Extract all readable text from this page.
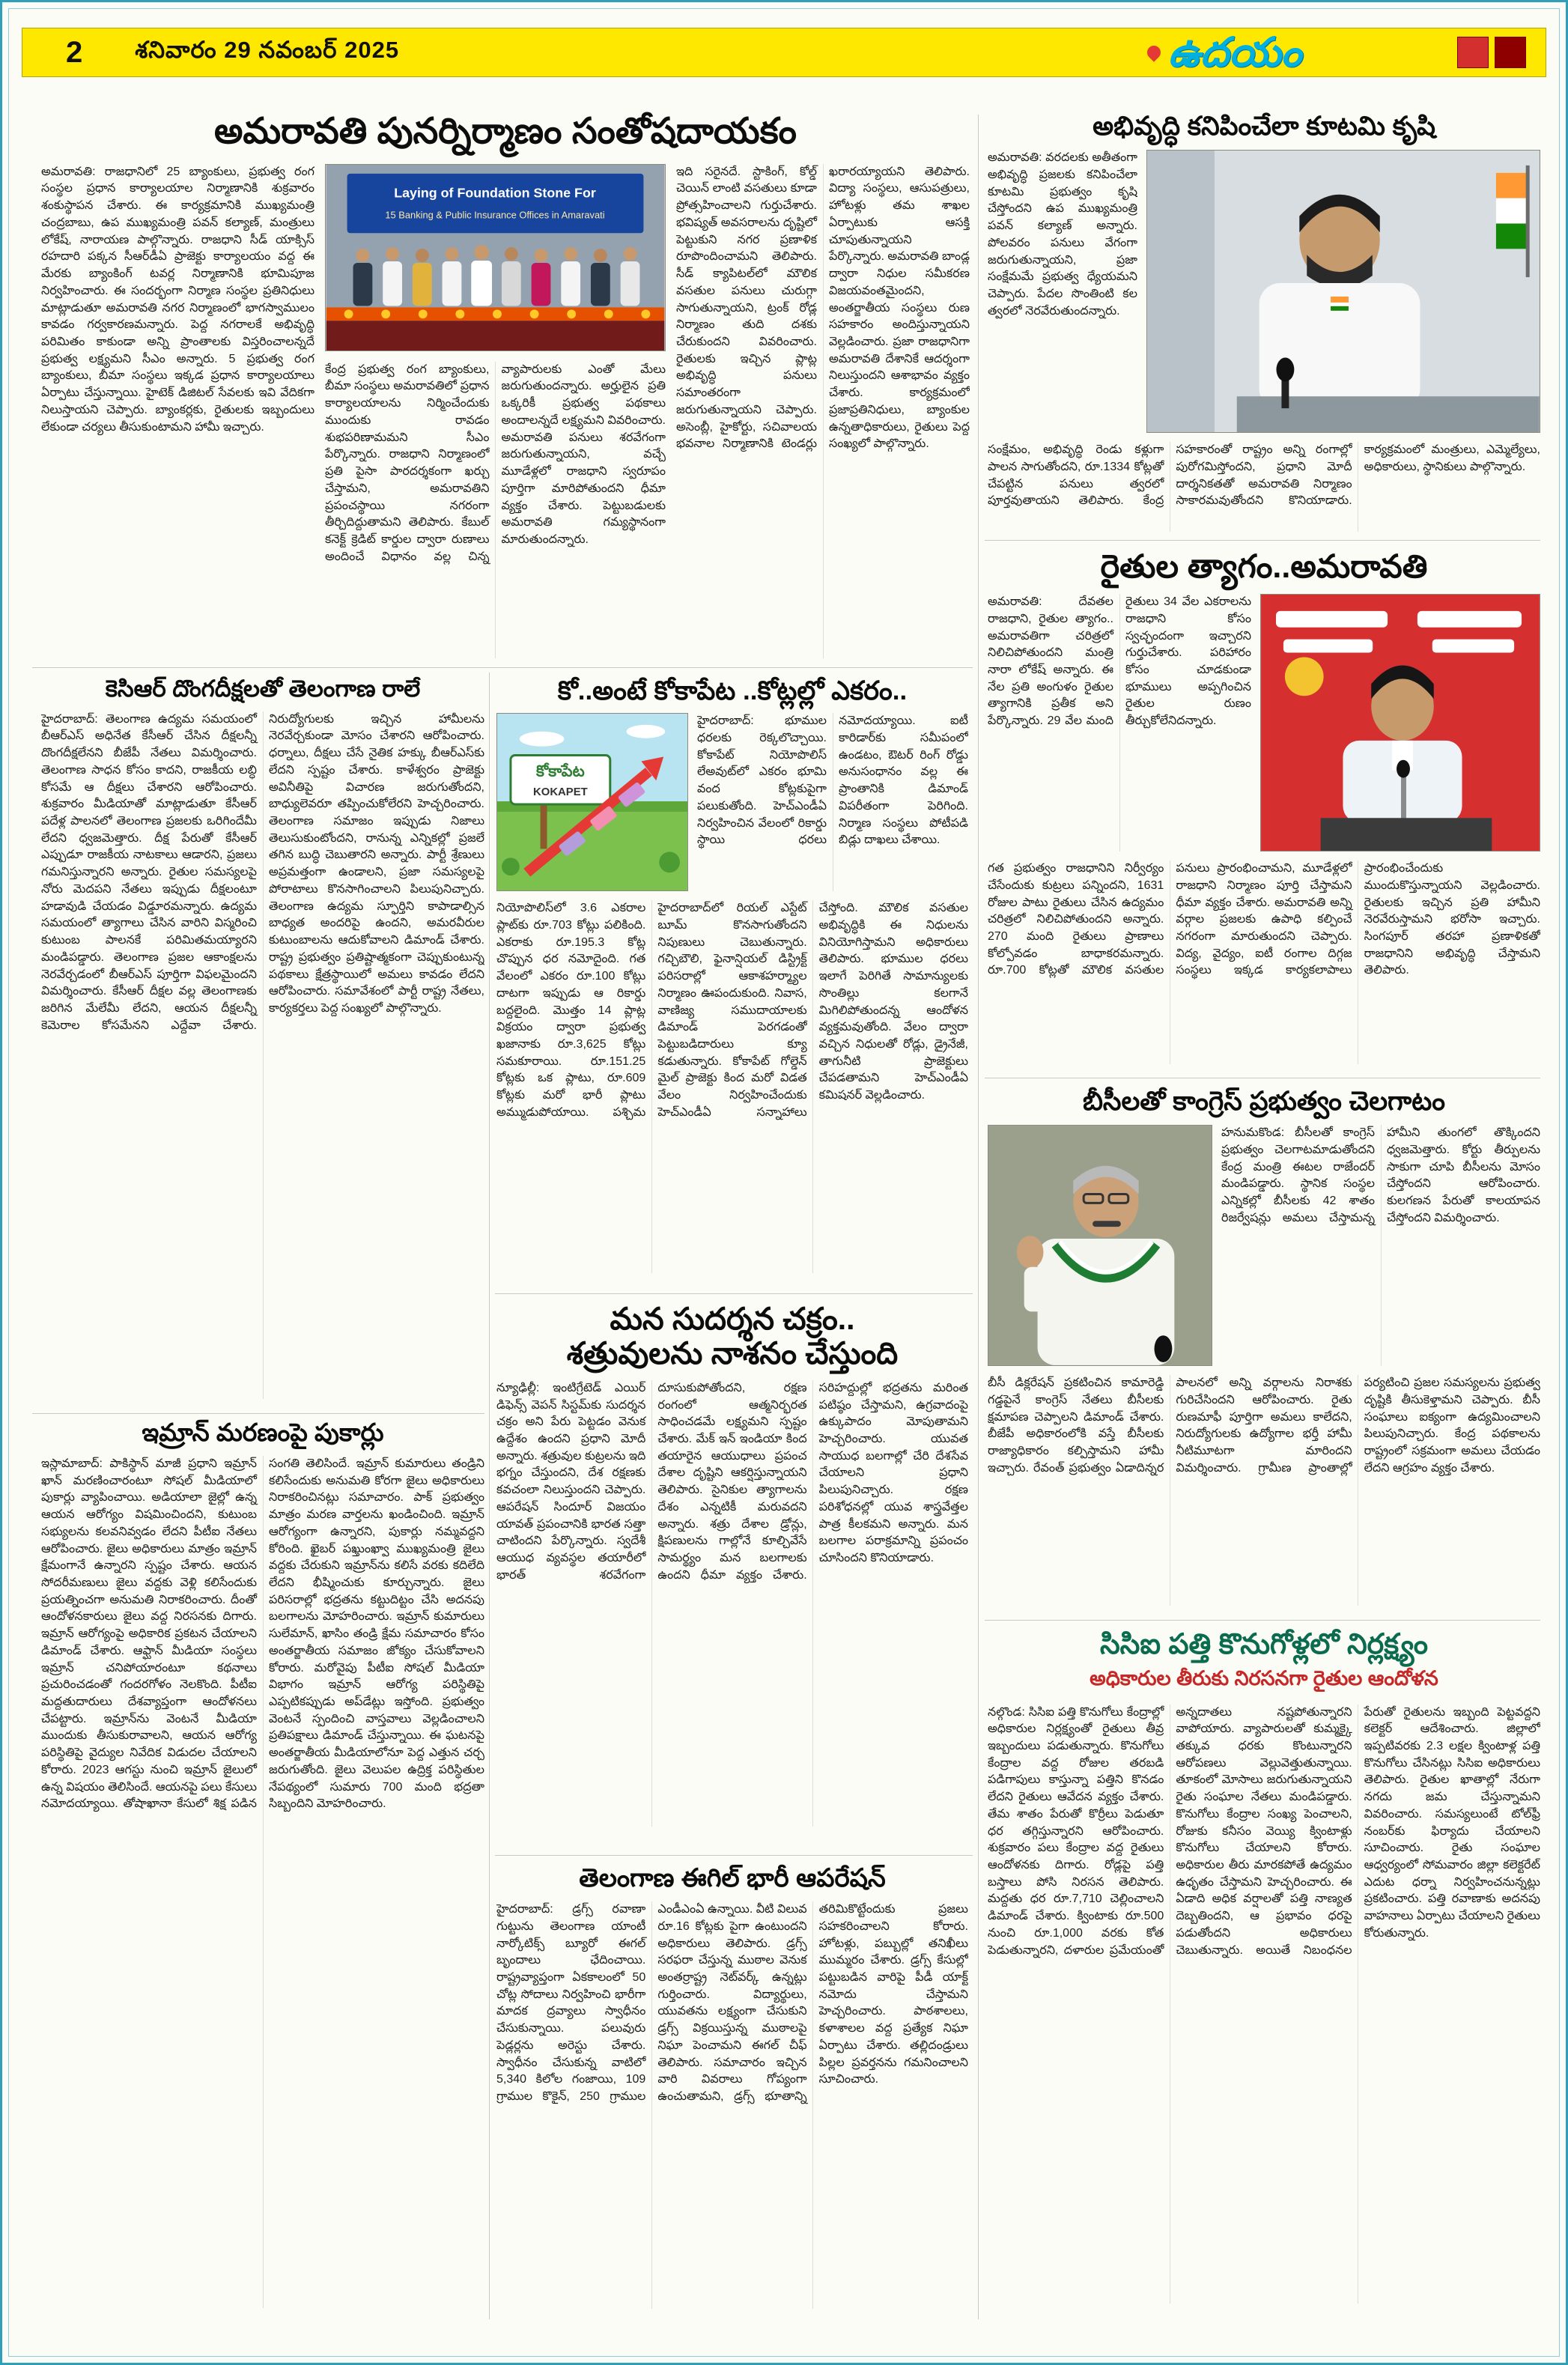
2 శనివారం 29 నవంబర్ 2025	ఉదయం
అమరావతి పునర్నిర్మాణం సంతోషదాయకం
అమరావతి: రాజధానిలో 25 బ్యాంకులు, ప్రభుత్వ రంగ సంస్థల ప్రధాన కార్యాలయాల నిర్మాణానికి శుక్రవారం శంకుస్థాపన చేశారు. ఈ కార్యక్రమానికి ముఖ్యమంత్రి చంద్రబాబు, ఉప ముఖ్యమంత్రి పవన్ కల్యాణ్, మంత్రులు లోకేష్, నారాయణ పాల్గొన్నారు. రాజధాని సీడ్ యాక్సిస్ రహదారి పక్కన సీఆర్‌డీఏ ప్రాజెక్టు కార్యాలయం వద్ద ఈ మేరకు బ్యాంకింగ్ టవర్ల నిర్మాణానికి భూమిపూజ నిర్వహించారు. ఈ సందర్భంగా నిర్మాణ సంస్థల ప్రతినిధులు మాట్లాడుతూ అమరావతి నగర నిర్మాణంలో భాగస్వాములం కావడం గర్వకారణమన్నారు. పెద్ద నగరాలకే అభివృద్ధి పరిమితం కాకుండా అన్ని ప్రాంతాలకు విస్తరించాలన్నదే ప్రభుత్వ లక్ష్యమని సీఎం అన్నారు. 5 ప్రభుత్వ రంగ బ్యాంకులు, బీమా సంస్థలు ఇక్కడ ప్రధాన కార్యాలయాలు ఏర్పాటు చేస్తున్నాయి. హైటెక్ డిజిటల్ సేవలకు ఇవి వేదికగా నిలుస్తాయని చెప్పారు. బ్యాంకర్లకు, రైతులకు ఇబ్బందులు లేకుండా చర్యలు తీసుకుంటామని హామీ ఇచ్చారు.
Laying of Foundation Stone For
15 Banking & Public Insurance Offices in Amaravati
కేంద్ర ప్రభుత్వ రంగ బ్యాంకులు, బీమా సంస్థలు అమరావతిలో ప్రధాన కార్యాలయాలను నిర్మించేందుకు ముందుకు రావడం శుభపరిణామమని సీఎం పేర్కొన్నారు. రాజధాని నిర్మాణంలో ప్రతి పైసా పారదర్శకంగా ఖర్చు చేస్తామని, అమరావతిని ప్రపంచస్థాయి నగరంగా తీర్చిదిద్దుతామని తెలిపారు. కేబుల్ కనెక్ట్ క్రెడిట్ కార్డుల ద్వారా రుణాలు అందించే విధానం వల్ల చిన్న వ్యాపారులకు ఎంతో మేలు జరుగుతుందన్నారు. అర్హులైన ప్రతి ఒక్కరికీ ప్రభుత్వ పథకాలు అందాలన్నదే లక్ష్యమని వివరించారు. అమరావతి పనులు శరవేగంగా జరుగుతున్నాయని, వచ్చే మూడేళ్లలో రాజధాని స్వరూపం పూర్తిగా మారిపోతుందని ధీమా వ్యక్తం చేశారు. పెట్టుబడులకు అమరావతి గమ్యస్థానంగా మారుతుందన్నారు.
ఇది సరైనదే. స్టాకింగ్, కోల్డ్ చెయిన్ లాంటి వసతులు కూడా ప్రోత్సహించాలని గుర్తుచేశారు. భవిష్యత్ అవసరాలను దృష్టిలో పెట్టుకుని నగర ప్రణాళిక రూపొందించామని తెలిపారు. సీడ్ క్యాపిటల్‌లో మౌలిక వసతుల పనులు చురుగ్గా సాగుతున్నాయని, ట్రంక్ రోడ్ల నిర్మాణం తుది దశకు చేరుకుందని వివరించారు. రైతులకు ఇచ్చిన ప్లాట్ల అభివృద్ధి పనులు సమాంతరంగా జరుగుతున్నాయని చెప్పారు. అసెంబ్లీ, హైకోర్టు, సచివాలయ భవనాల నిర్మాణానికి టెండర్లు ఖరారయ్యాయని తెలిపారు. విద్యా సంస్థలు, ఆసుపత్రులు, హోటళ్లు తమ శాఖల ఏర్పాటుకు ఆసక్తి చూపుతున్నాయని పేర్కొన్నారు. అమరావతి బాండ్ల ద్వారా నిధుల సమీకరణ విజయవంతమైందని, అంతర్జాతీయ సంస్థలు రుణ సహకారం అందిస్తున్నాయని వెల్లడించారు. ప్రజా రాజధానిగా అమరావతి దేశానికే ఆదర్శంగా నిలుస్తుందని ఆశాభావం వ్యక్తం చేశారు. కార్యక్రమంలో ప్రజాప్రతినిధులు, బ్యాంకుల ఉన్నతాధికారులు, రైతులు పెద్ద సంఖ్యలో పాల్గొన్నారు.
అభివృద్ధి కనిపించేలా కూటమి కృషి
అమరావతి: వరదలకు అతీతంగా అభివృద్ధి ప్రజలకు కనిపించేలా కూటమి ప్రభుత్వం కృషి చేస్తోందని ఉప ముఖ్యమంత్రి పవన్ కల్యాణ్ అన్నారు. పోలవరం పనులు వేగంగా జరుగుతున్నాయని, ప్రజా సంక్షేమమే ప్రభుత్వ ధ్యేయమని చెప్పారు. పేదల సొంతింటి కల త్వరలో నెరవేరుతుందన్నారు.
సంక్షేమం, అభివృద్ధి రెండు కళ్లుగా పాలన సాగుతోందని, రూ.1334 కోట్లతో చేపట్టిన పనులు త్వరలో పూర్తవుతాయని తెలిపారు. కేంద్ర సహకారంతో రాష్ట్రం అన్ని రంగాల్లో పురోగమిస్తోందని, ప్రధాని మోదీ దార్శనికతతో అమరావతి నిర్మాణం సాకారమవుతోందని కొనియాడారు. కార్యక్రమంలో మంత్రులు, ఎమ్మెల్యేలు, అధికారులు, స్థానికులు పాల్గొన్నారు.
రైతుల త్యాగం..అమరావతి
అమరావతి: దేవతల రాజధాని, రైతుల త్యాగం.. అమరావతిగా చరిత్రలో నిలిచిపోతుందని మంత్రి నారా లోకేష్ అన్నారు. ఈ నేల ప్రతి అంగుళం రైతుల త్యాగానికి ప్రతీక అని పేర్కొన్నారు. 29 వేల మంది రైతులు 34 వేల ఎకరాలను రాజధాని కోసం స్వచ్ఛందంగా ఇచ్చారని గుర్తుచేశారు. పరిహారం కోసం చూడకుండా భూములు అప్పగించిన రైతుల రుణం తీర్చుకోలేనిదన్నారు.
గత ప్రభుత్వం రాజధానిని నిర్వీర్యం చేసేందుకు కుట్రలు పన్నిందని, 1631 రోజుల పాటు రైతులు చేసిన ఉద్యమం చరిత్రలో నిలిచిపోతుందని అన్నారు. 270 మంది రైతులు ప్రాణాలు కోల్పోవడం బాధాకరమన్నారు. రూ.700 కోట్లతో మౌలిక వసతుల పనులు ప్రారంభించామని, మూడేళ్లలో రాజధాని నిర్మాణం పూర్తి చేస్తామని ధీమా వ్యక్తం చేశారు. అమరావతి అన్ని వర్గాల ప్రజలకు ఉపాధి కల్పించే నగరంగా మారుతుందని చెప్పారు. విద్య, వైద్యం, ఐటీ రంగాల దిగ్గజ సంస్థలు ఇక్కడ కార్యకలాపాలు ప్రారంభించేందుకు ముందుకొస్తున్నాయని వెల్లడించారు. రైతులకు ఇచ్చిన ప్రతి హామీని నెరవేరుస్తామని భరోసా ఇచ్చారు. సింగపూర్ తరహా ప్రణాళికతో రాజధానిని అభివృద్ధి చేస్తామని తెలిపారు.
బీసీలతో కాంగ్రెస్ ప్రభుత్వం చెలగాటం
హనుమకొండ: బీసీలతో కాంగ్రెస్ ప్రభుత్వం చెలగాటమాడుతోందని కేంద్ర మంత్రి ఈటల రాజేందర్ మండిపడ్డారు. స్థానిక సంస్థల ఎన్నికల్లో బీసీలకు 42 శాతం రిజర్వేషన్లు అమలు చేస్తామన్న హామీని తుంగలో తొక్కిందని ధ్వజమెత్తారు. కోర్టు తీర్పులను సాకుగా చూపి బీసీలను మోసం చేస్తోందని ఆరోపించారు. కులగణన పేరుతో కాలయాపన చేస్తోందని విమర్శించారు.
బీసీ డిక్లరేషన్ ప్రకటించిన కామారెడ్డి గడ్డపైనే కాంగ్రెస్ నేతలు బీసీలకు క్షమాపణ చెప్పాలని డిమాండ్ చేశారు. బీజేపీ అధికారంలోకి వస్తే బీసీలకు రాజ్యాధికారం కల్పిస్తామని హామీ ఇచ్చారు. రేవంత్ ప్రభుత్వం ఏడాదిన్నర పాలనలో అన్ని వర్గాలను నిరాశకు గురిచేసిందని ఆరోపించారు. రైతు రుణమాఫీ పూర్తిగా అమలు కాలేదని, నిరుద్యోగులకు ఉద్యోగాల భర్తీ హామీ నీటిమూటగా మారిందని విమర్శించారు. గ్రామీణ ప్రాంతాల్లో పర్యటించి ప్రజల సమస్యలను ప్రభుత్వ దృష్టికి తీసుకెళ్తామని చెప్పారు. బీసీ సంఘాలు ఐక్యంగా ఉద్యమించాలని పిలుపునిచ్చారు. కేంద్ర పథకాలను రాష్ట్రంలో సక్రమంగా అమలు చేయడం లేదని ఆగ్రహం వ్యక్తం చేశారు.
సిసిఐ పత్తి కొనుగోళ్లలో నిర్లక్ష్యం
అధికారుల తీరుకు నిరసనగా రైతుల ఆందోళన
నల్గొండ: సిసిఐ పత్తి కొనుగోలు కేంద్రాల్లో అధికారుల నిర్లక్ష్యంతో రైతులు తీవ్ర ఇబ్బందులు పడుతున్నారు. కొనుగోలు కేంద్రాల వద్ద రోజుల తరబడి పడిగాపులు కాస్తున్నా పత్తిని కొనడం లేదని రైతులు ఆవేదన వ్యక్తం చేశారు. తేమ శాతం పేరుతో కొర్రీలు పెడుతూ ధర తగ్గిస్తున్నారని ఆరోపించారు. శుక్రవారం పలు కేంద్రాల వద్ద రైతులు ఆందోళనకు దిగారు. రోడ్లపై పత్తి బస్తాలు పోసి నిరసన తెలిపారు. మద్దతు ధర రూ.7,710 చెల్లించాలని డిమాండ్ చేశారు. క్వింటాకు రూ.500 నుంచి రూ.1,000 వరకు కోత పెడుతున్నారని, దళారుల ప్రమేయంతో అన్నదాతలు నష్టపోతున్నారని వాపోయారు. వ్యాపారులతో కుమ్మక్కై తక్కువ ధరకు కొంటున్నారని ఆరోపణలు వెల్లువెత్తుతున్నాయి. తూకంలో మోసాలు జరుగుతున్నాయని రైతు సంఘాల నేతలు మండిపడ్డారు. కొనుగోలు కేంద్రాల సంఖ్య పెంచాలని, రోజుకు కనీసం వెయ్యి క్వింటాళ్లు కొనుగోలు చేయాలని కోరారు. అధికారుల తీరు మారకపోతే ఉద్యమం ఉధృతం చేస్తామని హెచ్చరించారు. ఈ ఏడాది అధిక వర్షాలతో పత్తి నాణ్యత దెబ్బతిందని, ఆ ప్రభావం ధరపై పడుతోందని అధికారులు చెబుతున్నారు. అయితే నిబంధనల పేరుతో రైతులను ఇబ్బంది పెట్టవద్దని కలెక్టర్ ఆదేశించారు. జిల్లాలో ఇప్పటివరకు 2.3 లక్షల క్వింటాళ్ల పత్తి కొనుగోలు చేసినట్లు సిసిఐ అధికారులు తెలిపారు. రైతుల ఖాతాల్లో నేరుగా నగదు జమ చేస్తున్నామని వివరించారు. సమస్యలుంటే టోల్‌ఫ్రీ నంబర్‌కు ఫిర్యాదు చేయాలని సూచించారు. రైతు సంఘాల ఆధ్వర్యంలో సోమవారం జిల్లా కలెక్టరేట్ ఎదుట ధర్నా నిర్వహించనున్నట్లు ప్రకటించారు. పత్తి రవాణాకు అదనపు వాహనాలు ఏర్పాటు చేయాలని రైతులు కోరుతున్నారు.
కెసిఆర్ దొంగదీక్షలతో తెలంగాణ రాలే
హైదరాబాద్: తెలంగాణ ఉద్యమ సమయంలో బీఆర్ఎస్ అధినేత కేసీఆర్ చేసిన దీక్షలన్నీ దొంగదీక్షలేనని బీజేపీ నేతలు విమర్శించారు. తెలంగాణ సాధన కోసం కాదని, రాజకీయ లబ్ధి కోసమే ఆ దీక్షలు చేశారని ఆరోపించారు. శుక్రవారం మీడియాతో మాట్లాడుతూ కేసీఆర్ పదేళ్ల పాలనలో తెలంగాణ ప్రజలకు ఒరిగిందేమీ లేదని ధ్వజమెత్తారు. దీక్ష పేరుతో కేసీఆర్ ఎప్పుడూ రాజకీయ నాటకాలు ఆడారని, ప్రజలు గమనిస్తున్నారని అన్నారు. రైతుల సమస్యలపై నోరు మెదపని నేతలు ఇప్పుడు దీక్షలంటూ హడావుడి చేయడం విడ్డూరమన్నారు. ఉద్యమ సమయంలో త్యాగాలు చేసిన వారిని విస్మరించి కుటుంబ పాలనకే పరిమితమయ్యారని మండిపడ్డారు. తెలంగాణ ప్రజల ఆకాంక్షలను నెరవేర్చడంలో బీఆర్ఎస్ పూర్తిగా విఫలమైందని విమర్శించారు. కేసీఆర్ దీక్షల వల్ల తెలంగాణకు జరిగిన మేలేమీ లేదని, ఆయన దీక్షలన్నీ కెమెరాల కోసమేనని ఎద్దేవా చేశారు. నిరుద్యోగులకు ఇచ్చిన హామీలను నెరవేర్చకుండా మోసం చేశారని ఆరోపించారు. ధర్నాలు, దీక్షలు చేసే నైతిక హక్కు బీఆర్ఎస్‌కు లేదని స్పష్టం చేశారు. కాళేశ్వరం ప్రాజెక్టు అవినీతిపై విచారణ జరుగుతోందని, బాధ్యులెవరూ తప్పించుకోలేరని హెచ్చరించారు. తెలంగాణ సమాజం ఇప్పుడు నిజాలు తెలుసుకుంటోందని, రానున్న ఎన్నికల్లో ప్రజలే తగిన బుద్ధి చెబుతారని అన్నారు. పార్టీ శ్రేణులు అప్రమత్తంగా ఉండాలని, ప్రజా సమస్యలపై పోరాటాలు కొనసాగించాలని పిలుపునిచ్చారు. తెలంగాణ ఉద్యమ స్ఫూర్తిని కాపాడాల్సిన బాధ్యత అందరిపై ఉందని, అమరవీరుల కుటుంబాలను ఆదుకోవాలని డిమాండ్ చేశారు. రాష్ట్ర ప్రభుత్వం ప్రతిష్టాత్మకంగా చెప్పుకుంటున్న పథకాలు క్షేత్రస్థాయిలో అమలు కావడం లేదని ఆరోపించారు. సమావేశంలో పార్టీ రాష్ట్ర నేతలు, కార్యకర్తలు పెద్ద సంఖ్యలో పాల్గొన్నారు.
ఇమ్రాన్ మరణంపై పుకార్లు
ఇస్లామాబాద్: పాకిస్థాన్ మాజీ ప్రధాని ఇమ్రాన్ ఖాన్ మరణించారంటూ సోషల్ మీడియాలో పుకార్లు వ్యాపించాయి. అడియాలా జైల్లో ఉన్న ఆయన ఆరోగ్యం విషమించిందని, కుటుంబ సభ్యులను కలవనివ్వడం లేదని పీటీఐ నేతలు ఆరోపించారు. జైలు అధికారులు మాత్రం ఇమ్రాన్ క్షేమంగానే ఉన్నారని స్పష్టం చేశారు. ఆయన సోదరీమణులు జైలు వద్దకు వెళ్లి కలిసేందుకు ప్రయత్నించగా అనుమతి నిరాకరించారు. దీంతో ఆందోళనకారులు జైలు వద్ద నిరసనకు దిగారు. ఇమ్రాన్ ఆరోగ్యంపై అధికారిక ప్రకటన చేయాలని డిమాండ్ చేశారు. ఆఫ్ఘాన్ మీడియా సంస్థలు ఇమ్రాన్ చనిపోయారంటూ కథనాలు ప్రచురించడంతో గందరగోళం నెలకొంది. పీటీఐ మద్దతుదారులు దేశవ్యాప్తంగా ఆందోళనలు చేపట్టారు. ఇమ్రాన్‌ను వెంటనే మీడియా ముందుకు తీసుకురావాలని, ఆయన ఆరోగ్య పరిస్థితిపై వైద్యుల నివేదిక విడుదల చేయాలని కోరారు. 2023 ఆగస్టు నుంచి ఇమ్రాన్ జైలులో ఉన్న విషయం తెలిసిందే. ఆయనపై పలు కేసులు నమోదయ్యాయి. తోషాఖానా కేసులో శిక్ష పడిన సంగతి తెలిసిందే. ఇమ్రాన్ కుమారులు తండ్రిని కలిసేందుకు అనుమతి కోరగా జైలు అధికారులు నిరాకరించినట్లు సమాచారం. పాక్ ప్రభుత్వం మాత్రం మరణ వార్తలను ఖండించింది. ఇమ్రాన్ ఆరోగ్యంగా ఉన్నారని, పుకార్లు నమ్మవద్దని కోరింది. ఖైబర్ పఖ్తుంఖ్వా ముఖ్యమంత్రి జైలు వద్దకు చేరుకుని ఇమ్రాన్‌ను కలిసే వరకు కదిలేది లేదని భీష్మించుకు కూర్చున్నారు. జైలు పరిసరాల్లో భద్రతను కట్టుదిట్టం చేసి అదనపు బలగాలను మోహరించారు. ఇమ్రాన్ కుమారులు సులేమాన్, ఖాసిం తండ్రి క్షేమ సమాచారం కోసం అంతర్జాతీయ సమాజం జోక్యం చేసుకోవాలని కోరారు. మరోవైపు పీటీఐ సోషల్ మీడియా విభాగం ఇమ్రాన్ ఆరోగ్య పరిస్థితిపై ఎప్పటికప్పుడు అప్‌డేట్లు ఇస్తోంది. ప్రభుత్వం వెంటనే స్పందించి వాస్తవాలు వెల్లడించాలని ప్రతిపక్షాలు డిమాండ్ చేస్తున్నాయి. ఈ ఘటనపై అంతర్జాతీయ మీడియాలోనూ పెద్ద ఎత్తున చర్చ జరుగుతోంది. జైలు వెలుపల ఉద్రిక్త పరిస్థితుల నేపథ్యంలో సుమారు 700 మంది భద్రతా సిబ్బందిని మోహరించారు.
కో..అంటే కోకాపేట ..కోట్లల్లో ఎకరం..
కోకాపేట
KOKAPET
హైదరాబాద్: భూముల ధరలకు రెక్కలొచ్చాయి. కోకాపేట్ నియోపొలిస్ లేఅవుట్‌లో ఎకరం భూమి వంద కోట్లకుపైగా పలుకుతోంది. హెచ్ఎండీఏ నిర్వహించిన వేలంలో రికార్డు స్థాయి ధరలు నమోదయ్యాయి. ఐటీ కారిడార్‌కు సమీపంలో ఉండటం, ఔటర్ రింగ్ రోడ్డు అనుసంధానం వల్ల ఈ ప్రాంతానికి డిమాండ్ విపరీతంగా పెరిగింది. నిర్మాణ సంస్థలు పోటీపడి బిడ్లు దాఖలు చేశాయి.
నియోపొలిస్‌లో 3.6 ఎకరాల ప్లాట్‌కు రూ.703 కోట్లు పలికింది. ఎకరాకు రూ.195.3 కోట్ల చొప్పున ధర నమోదైంది. గత వేలంలో ఎకరం రూ.100 కోట్లు దాటగా ఇప్పుడు ఆ రికార్డు బద్దలైంది. మొత్తం 14 ప్లాట్ల విక్రయం ద్వారా ప్రభుత్వ ఖజానాకు రూ.3,625 కోట్లు సమకూరాయి. రూ.151.25 కోట్లకు ఒక ప్లాటు, రూ.609 కోట్లకు మరో భారీ ప్లాటు అమ్ముడుపోయాయి. పశ్చిమ హైదరాబాద్‌లో రియల్ ఎస్టేట్ బూమ్ కొనసాగుతోందని నిపుణులు చెబుతున్నారు. గచ్చిబౌలి, ఫైనాన్షియల్ డిస్ట్రిక్ట్ పరిసరాల్లో ఆకాశహర్మ్యాల నిర్మాణం ఊపందుకుంది. నివాస, వాణిజ్య సముదాయాలకు డిమాండ్ పెరగడంతో పెట్టుబడిదారులు క్యూ కడుతున్నారు. కోకాపేట్ గోల్డెన్ మైల్ ప్రాజెక్టు కింద మరో విడత వేలం నిర్వహించేందుకు హెచ్ఎండీఏ సన్నాహాలు చేస్తోంది. మౌలిక వసతుల అభివృద్ధికి ఈ నిధులను వినియోగిస్తామని అధికారులు తెలిపారు. భూముల ధరలు ఇలాగే పెరిగితే సామాన్యులకు సొంతిల్లు కలగానే మిగిలిపోతుందన్న ఆందోళన వ్యక్తమవుతోంది. వేలం ద్వారా వచ్చిన నిధులతో రోడ్లు, డ్రైనేజీ, తాగునీటి ప్రాజెక్టులు చేపడతామని హెచ్ఎండీఏ కమిషనర్ వెల్లడించారు.
మన సుదర్శన చక్రం..
శత్రువులను నాశనం చేస్తుంది
న్యూఢిల్లీ: ఇంటిగ్రేటెడ్ ఎయిర్ డిఫెన్స్ వెపన్ సిస్టమ్‌కు సుదర్శన చక్రం అని పేరు పెట్టడం వెనుక ఉద్దేశం ఉందని ప్రధాని మోదీ అన్నారు. శత్రువుల కుట్రలను ఇది భగ్నం చేస్తుందని, దేశ రక్షణకు కవచంలా నిలుస్తుందని చెప్పారు. ఆపరేషన్ సిందూర్ విజయం యావత్ ప్రపంచానికి భారత సత్తా చాటిందని పేర్కొన్నారు. స్వదేశీ ఆయుధ వ్యవస్థల తయారీలో భారత్ శరవేగంగా దూసుకుపోతోందని, రక్షణ రంగంలో ఆత్మనిర్భరత సాధించడమే లక్ష్యమని స్పష్టం చేశారు. మేక్ ఇన్ ఇండియా కింద తయారైన ఆయుధాలు ప్రపంచ దేశాల దృష్టిని ఆకర్షిస్తున్నాయని తెలిపారు. సైనికుల త్యాగాలను దేశం ఎన్నటికీ మరువదని అన్నారు. శత్రు దేశాల డ్రోన్లు, క్షిపణులను గాల్లోనే కూల్చివేసే సామర్థ్యం మన బలగాలకు ఉందని ధీమా వ్యక్తం చేశారు. సరిహద్దుల్లో భద్రతను మరింత పటిష్ఠం చేస్తామని, ఉగ్రవాదంపై ఉక్కుపాదం మోపుతామని హెచ్చరించారు. యువత సాయుధ బలగాల్లో చేరి దేశసేవ చేయాలని ప్రధాని పిలుపునిచ్చారు. రక్షణ పరిశోధనల్లో యువ శాస్త్రవేత్తల పాత్ర కీలకమని అన్నారు. మన బలగాల పరాక్రమాన్ని ప్రపంచం చూసిందని కొనియాడారు.
తెలంగాణ ఈగిల్ భారీ ఆపరేషన్
హైదరాబాద్: డ్రగ్స్ రవాణా గుట్టును తెలంగాణ యాంటీ నార్కోటిక్స్ బ్యూరో ఈగల్ బృందాలు ఛేదించాయి. రాష్ట్రవ్యాప్తంగా ఏకకాలంలో 50 చోట్ల సోదాలు నిర్వహించి భారీగా మాదక ద్రవ్యాలు స్వాధీనం చేసుకున్నాయి. పలువురు పెడ్లర్లను అరెస్టు చేశారు. స్వాధీనం చేసుకున్న వాటిలో 5,340 కిలోల గంజాయి, 109 గ్రాముల కొకైన్, 250 గ్రాముల ఎండీఎంఏ ఉన్నాయి. వీటి విలువ రూ.16 కోట్లకు పైగా ఉంటుందని అధికారులు తెలిపారు. డ్రగ్స్ సరఫరా చేస్తున్న ముఠాల వెనుక అంతర్రాష్ట్ర నెట్‌వర్క్ ఉన్నట్లు గుర్తించారు. విద్యార్థులు, యువతను లక్ష్యంగా చేసుకుని డ్రగ్స్ విక్రయిస్తున్న ముఠాలపై నిఘా పెంచామని ఈగల్ చీఫ్ తెలిపారు. సమాచారం ఇచ్చిన వారి వివరాలు గోప్యంగా ఉంచుతామని, డ్రగ్స్ భూతాన్ని తరిమికొట్టేందుకు ప్రజలు సహకరించాలని కోరారు. హోటళ్లు, పబ్బుల్లో తనిఖీలు ముమ్మరం చేశారు. డ్రగ్స్ కేసుల్లో పట్టుబడిన వారిపై పీడీ యాక్ట్ నమోదు చేస్తామని హెచ్చరించారు. పాఠశాలలు, కళాశాలల వద్ద ప్రత్యేక నిఘా ఏర్పాటు చేశారు. తల్లిదండ్రులు పిల్లల ప్రవర్తనను గమనించాలని సూచించారు.
